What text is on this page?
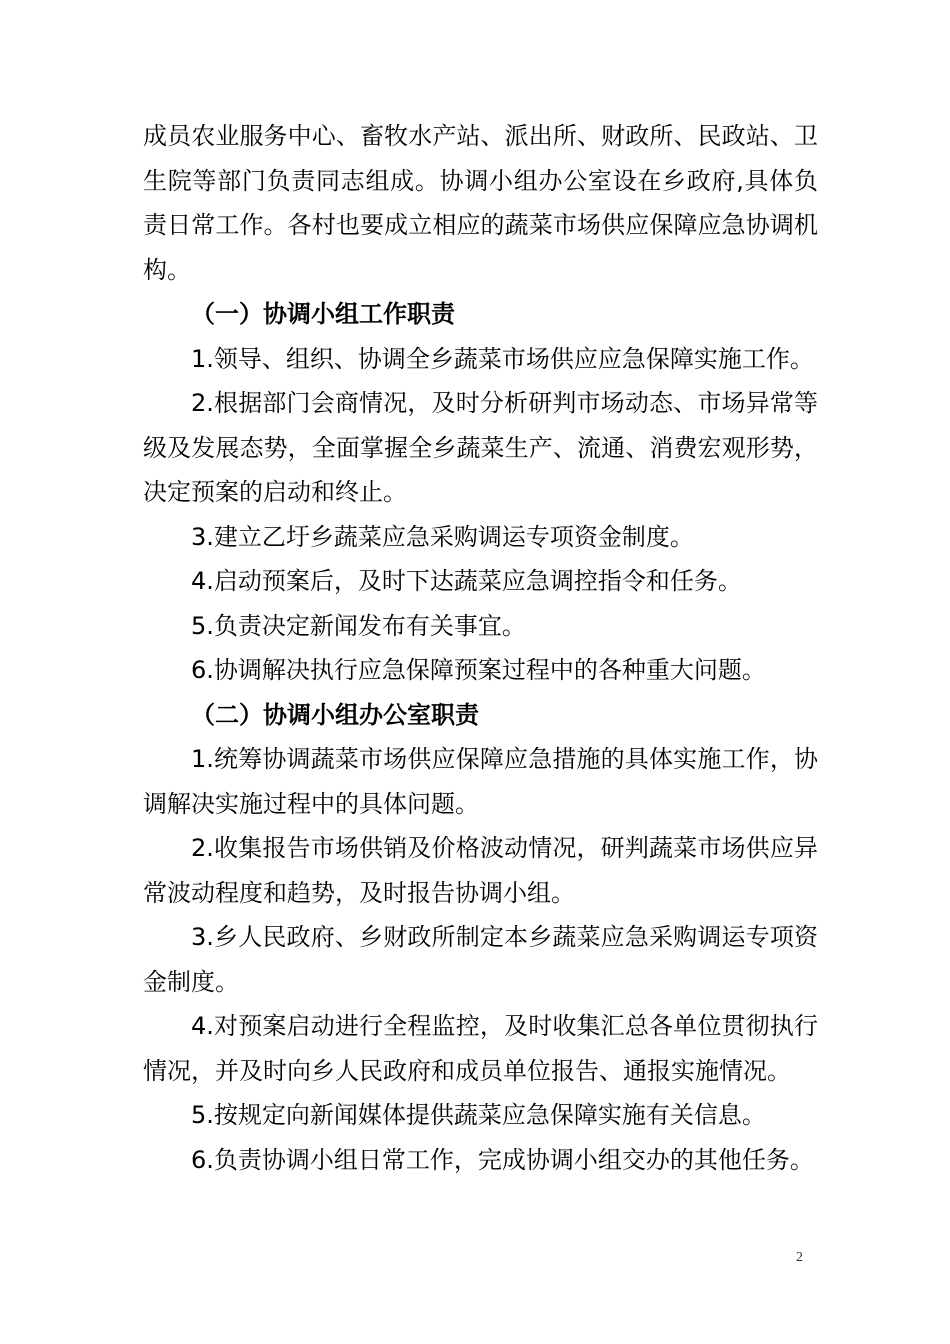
成员农业服务中心、畜牧水产站、派出所、财政所、民政站、卫生院等部门负责同志组成。协调小组办公室设在乡政府,具体负责日常工作。各村也要成立相应的蔬菜市场供应保障应急协调机构。

（一）协调小组工作职责

1.领导、组织、协调全乡蔬菜市场供应应急保障实施工作。

2.根据部门会商情况，及时分析研判市场动态、市场异常等级及发展态势，全面掌握全乡蔬菜生产、流通、消费宏观形势，决定预案的启动和终止。

3.建立乙圩乡蔬菜应急采购调运专项资金制度。

4.启动预案后，及时下达蔬菜应急调控指令和任务。

5.负责决定新闻发布有关事宜。

6.协调解决执行应急保障预案过程中的各种重大问题。

（二）协调小组办公室职责

1.统筹协调蔬菜市场供应保障应急措施的具体实施工作，协调解决实施过程中的具体问题。

2.收集报告市场供销及价格波动情况，研判蔬菜市场供应异常波动程度和趋势，及时报告协调小组。

3.乡人民政府、乡财政所制定本乡蔬菜应急采购调运专项资金制度。

4.对预案启动进行全程监控，及时收集汇总各单位贯彻执行情况，并及时向乡人民政府和成员单位报告、通报实施情况。

5.按规定向新闻媒体提供蔬菜应急保障实施有关信息。

6.负责协调小组日常工作，完成协调小组交办的其他任务。

2
